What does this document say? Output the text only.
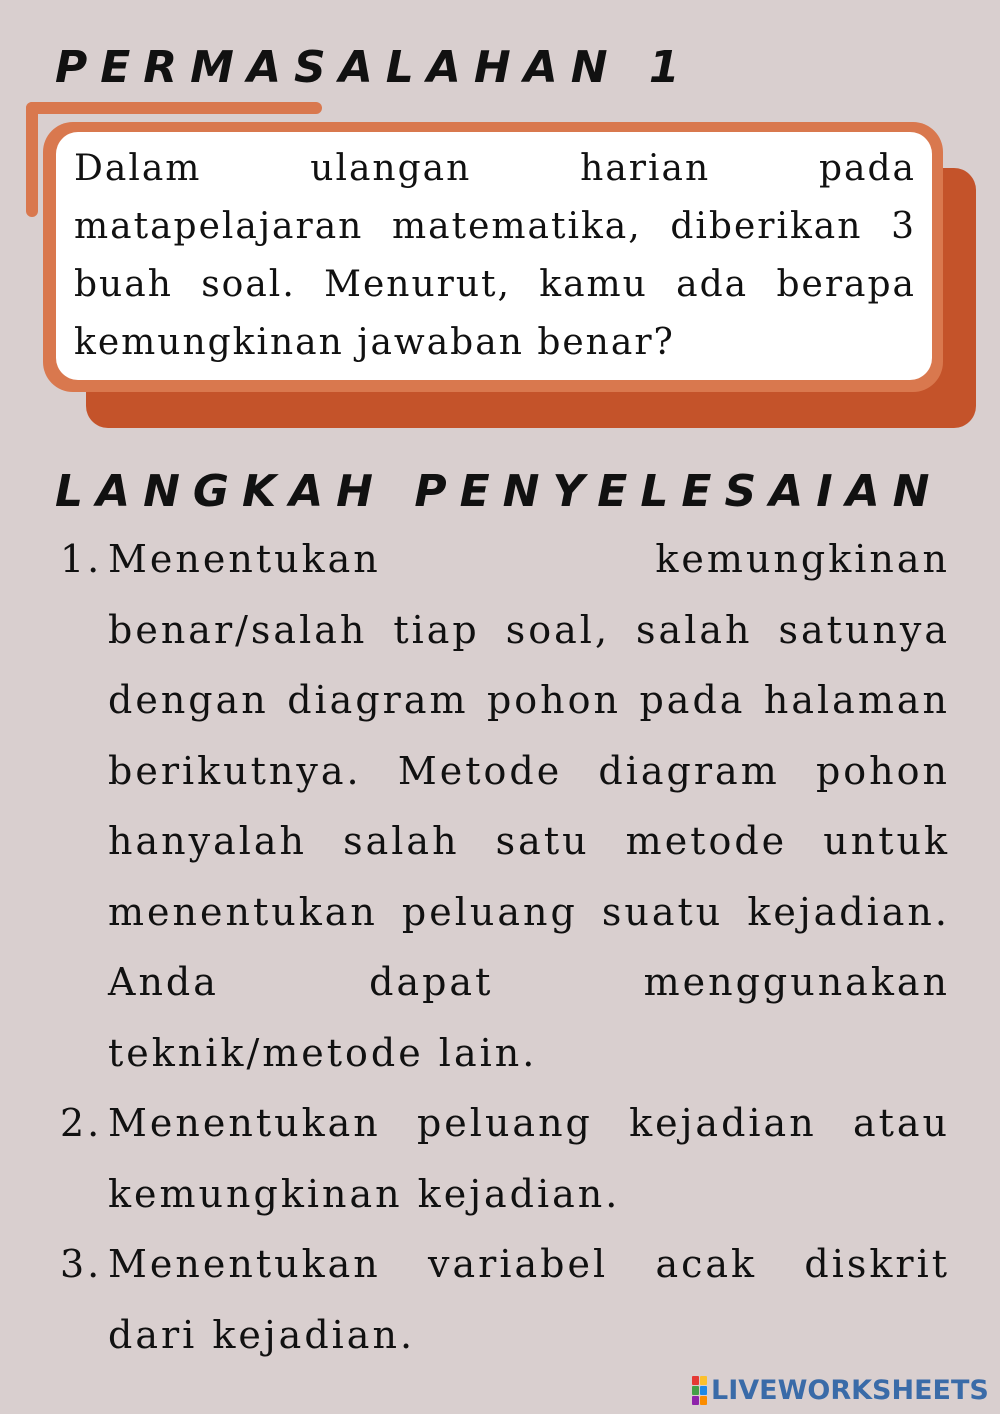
PERMASALAHAN 1
Dalam ulangan harian pada matapelajaran matematika, diberikan 3 buah soal. Menurut, kamu ada berapa kemungkinan jawaban benar?
LANGKAH PENYELESAIAN
1. Menentukan kemungkinan benar/salah tiap soal, salah satunya dengan diagram pohon pada halaman berikutnya. Metode diagram pohon hanyalah salah satu metode untuk menentukan peluang suatu kejadian. Anda dapat menggunakan teknik/metode lain.
2. Menentukan peluang kejadian atau kemungkinan kejadian.
3. Menentukan variabel acak diskrit dari kejadian.
LIVEWORKSHEETS
